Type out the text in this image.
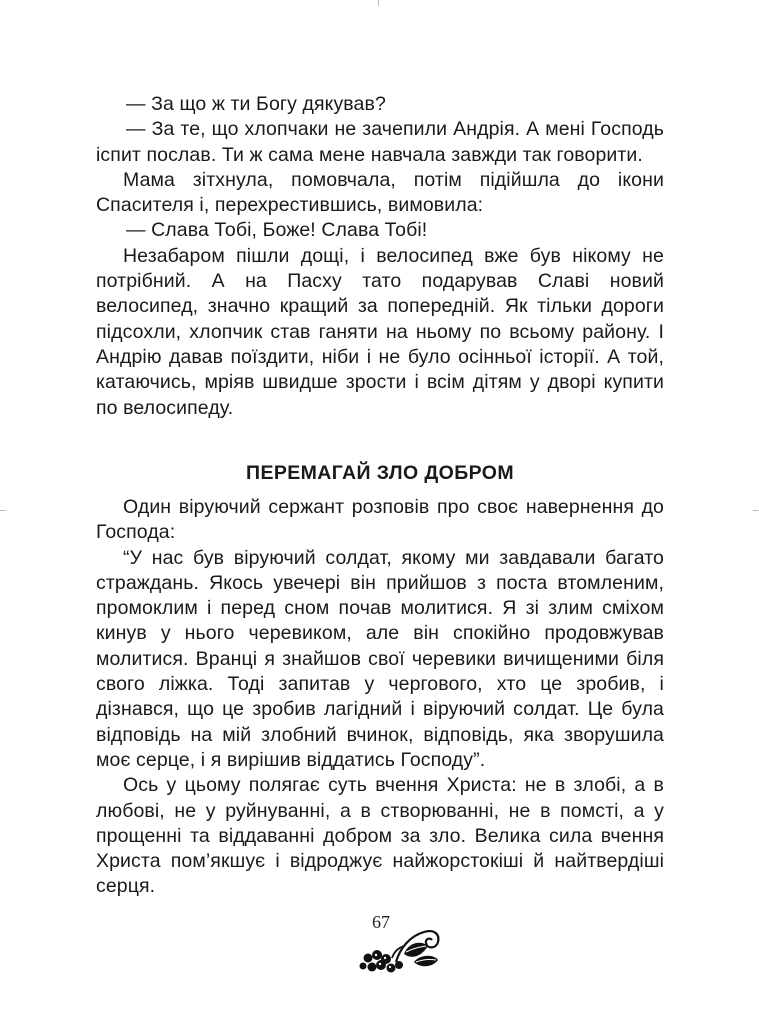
— За що ж ти Богу дякував?

— За те, що хлопчаки не зачепили Андрія. А мені Господь іспит послав. Ти ж сама мене навчала завжди так говорити.

Мама зітхнула, помовчала, потім підійшла до ікони Спасителя і, перехрестившись, вимовила:

— Слава Тобі, Боже! Слава Тобі!

Незабаром пішли дощі, і велосипед вже був нікому не потрібний. А на Пасху тато подарував Славі новий велосипед, значно кращий за попередній. Як тільки дороги підсохли, хлопчик став ганяти на ньому по всьому району. І Андрію давав поїздити, ніби і не було осінньої історії. А той, катаючись, мріяв швидше зрости і всім дітям у дворі купити по велосипеду.

ПЕРЕМАГАЙ ЗЛО ДОБРОМ

Один віруючий сержант розповів про своє навернення до Господа:

“У нас був віруючий солдат, якому ми завдавали багато страждань. Якось увечері він прийшов з поста втомленим, промоклим і перед сном почав молитися. Я зі злим сміхом кинув у нього черевиком, але він спокійно продовжував молитися. Вранці я знайшов свої черевики вичищеними біля свого ліжка. Тоді запитав у чергового, хто це зробив, і дізнався, що це зробив лагідний і віруючий солдат. Це була відповідь на мій злобний вчинок, відповідь, яка зворушила моє серце, і я вирішив віддатись Господу”.

Ось у цьому полягає суть вчення Христа: не в злобі, а в любові, не у руйнуванні, а в створюванні, не в помсті, а у прощенні та віддаванні добром за зло. Велика сила вчення Христа пом’якшує і відроджує найжорстокіші й найтвердіші серця.

67
